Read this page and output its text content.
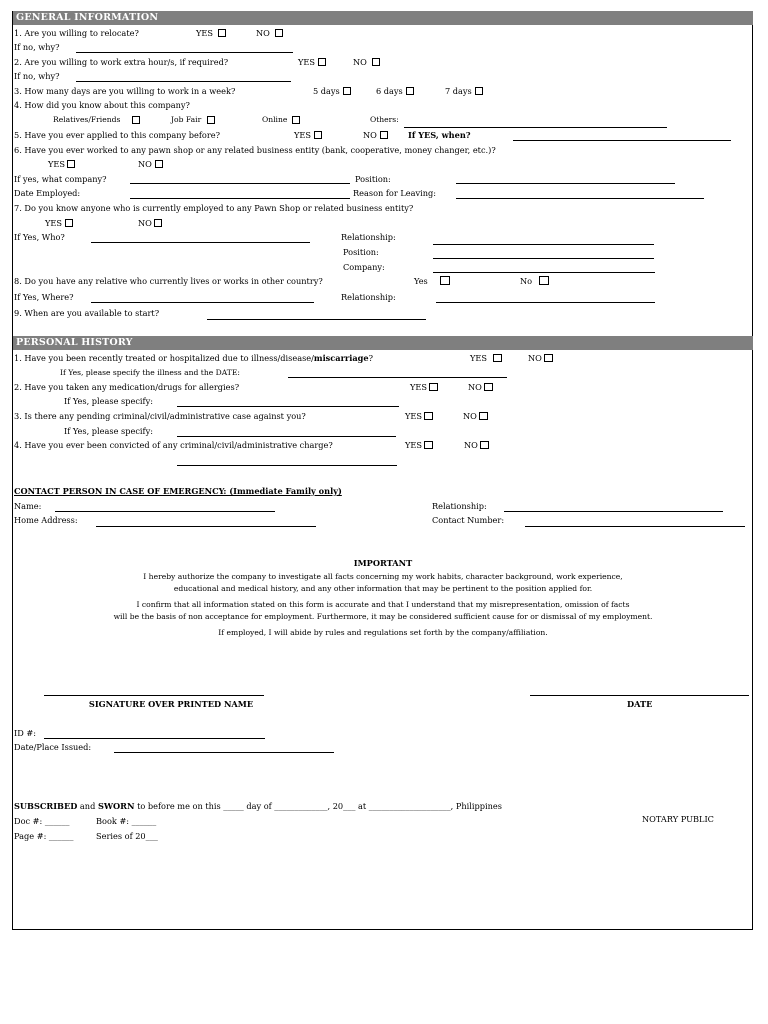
GENERAL INFORMATION
1. Are you willing to relocate?	YES	NO
If no, why?
2. Are you willing to work extra hour/s, if required?	YES	NO
If no, why?
3. How many days are you willing to work in a week?	5 days	6 days	7 days
4. How did you know about this company?
Relatives/Friends	Job Fair	Online	Others:
5. Have you ever applied to this company before?	YES	NO	If YES, when?
6. Have you ever worked to any pawn shop or any related business entity (bank, cooperative, money changer, etc.)?
YES	NO
If yes, what company?	Position:
Date Employed:	Reason for Leaving:
7. Do you know anyone who is currently employed to any Pawn Shop or related business entity?
YES	NO
If Yes, Who?	Relationship:
Position:
Company:
8. Do you have any relative who currently lives or works in other country?	Yes	No
If Yes, Where?	Relationship:
9. When are you available to start?
PERSONAL HISTORY
1. Have you been recently treated or hospitalized due to illness/disease/miscarriage?	YES	NO
If Yes, please specify the illness and the DATE:
2. Have you taken any medication/drugs for allergies?	YES	NO
If Yes, please specify:
3. Is there any pending criminal/civil/administrative case against you?	YES	NO
If Yes, please specify:
4. Have you ever been convicted of any criminal/civil/administrative charge?	YES	NO
CONTACT PERSON IN CASE OF EMERGENCY: (Immediate Family only)
Name:	Relationship:
Home Address:	Contact Number:
IMPORTANT
I hereby authorize the company to investigate all facts concerning my work habits, character background, work experience,
educational and medical history, and any other information that may be pertinent to the position applied for.
I confirm that all information stated on this form is accurate and that I understand that my misrepresentation, omission of facts
will be the basis of non acceptance for employment. Furthermore, it may be considered sufficient cause for or dismissal of my employment.
If employed, I will abide by rules and regulations set forth by the company/affiliation.
SIGNATURE OVER PRINTED NAME	DATE
ID #:
Date/Place Issued:
SUBSCRIBED and SWORN to before me on this _____ day of _____________, 20___ at ____________________, Philippines
NOTARY PUBLIC
Doc #: ______	Book #: ______
Page #: ______	Series of 20___
